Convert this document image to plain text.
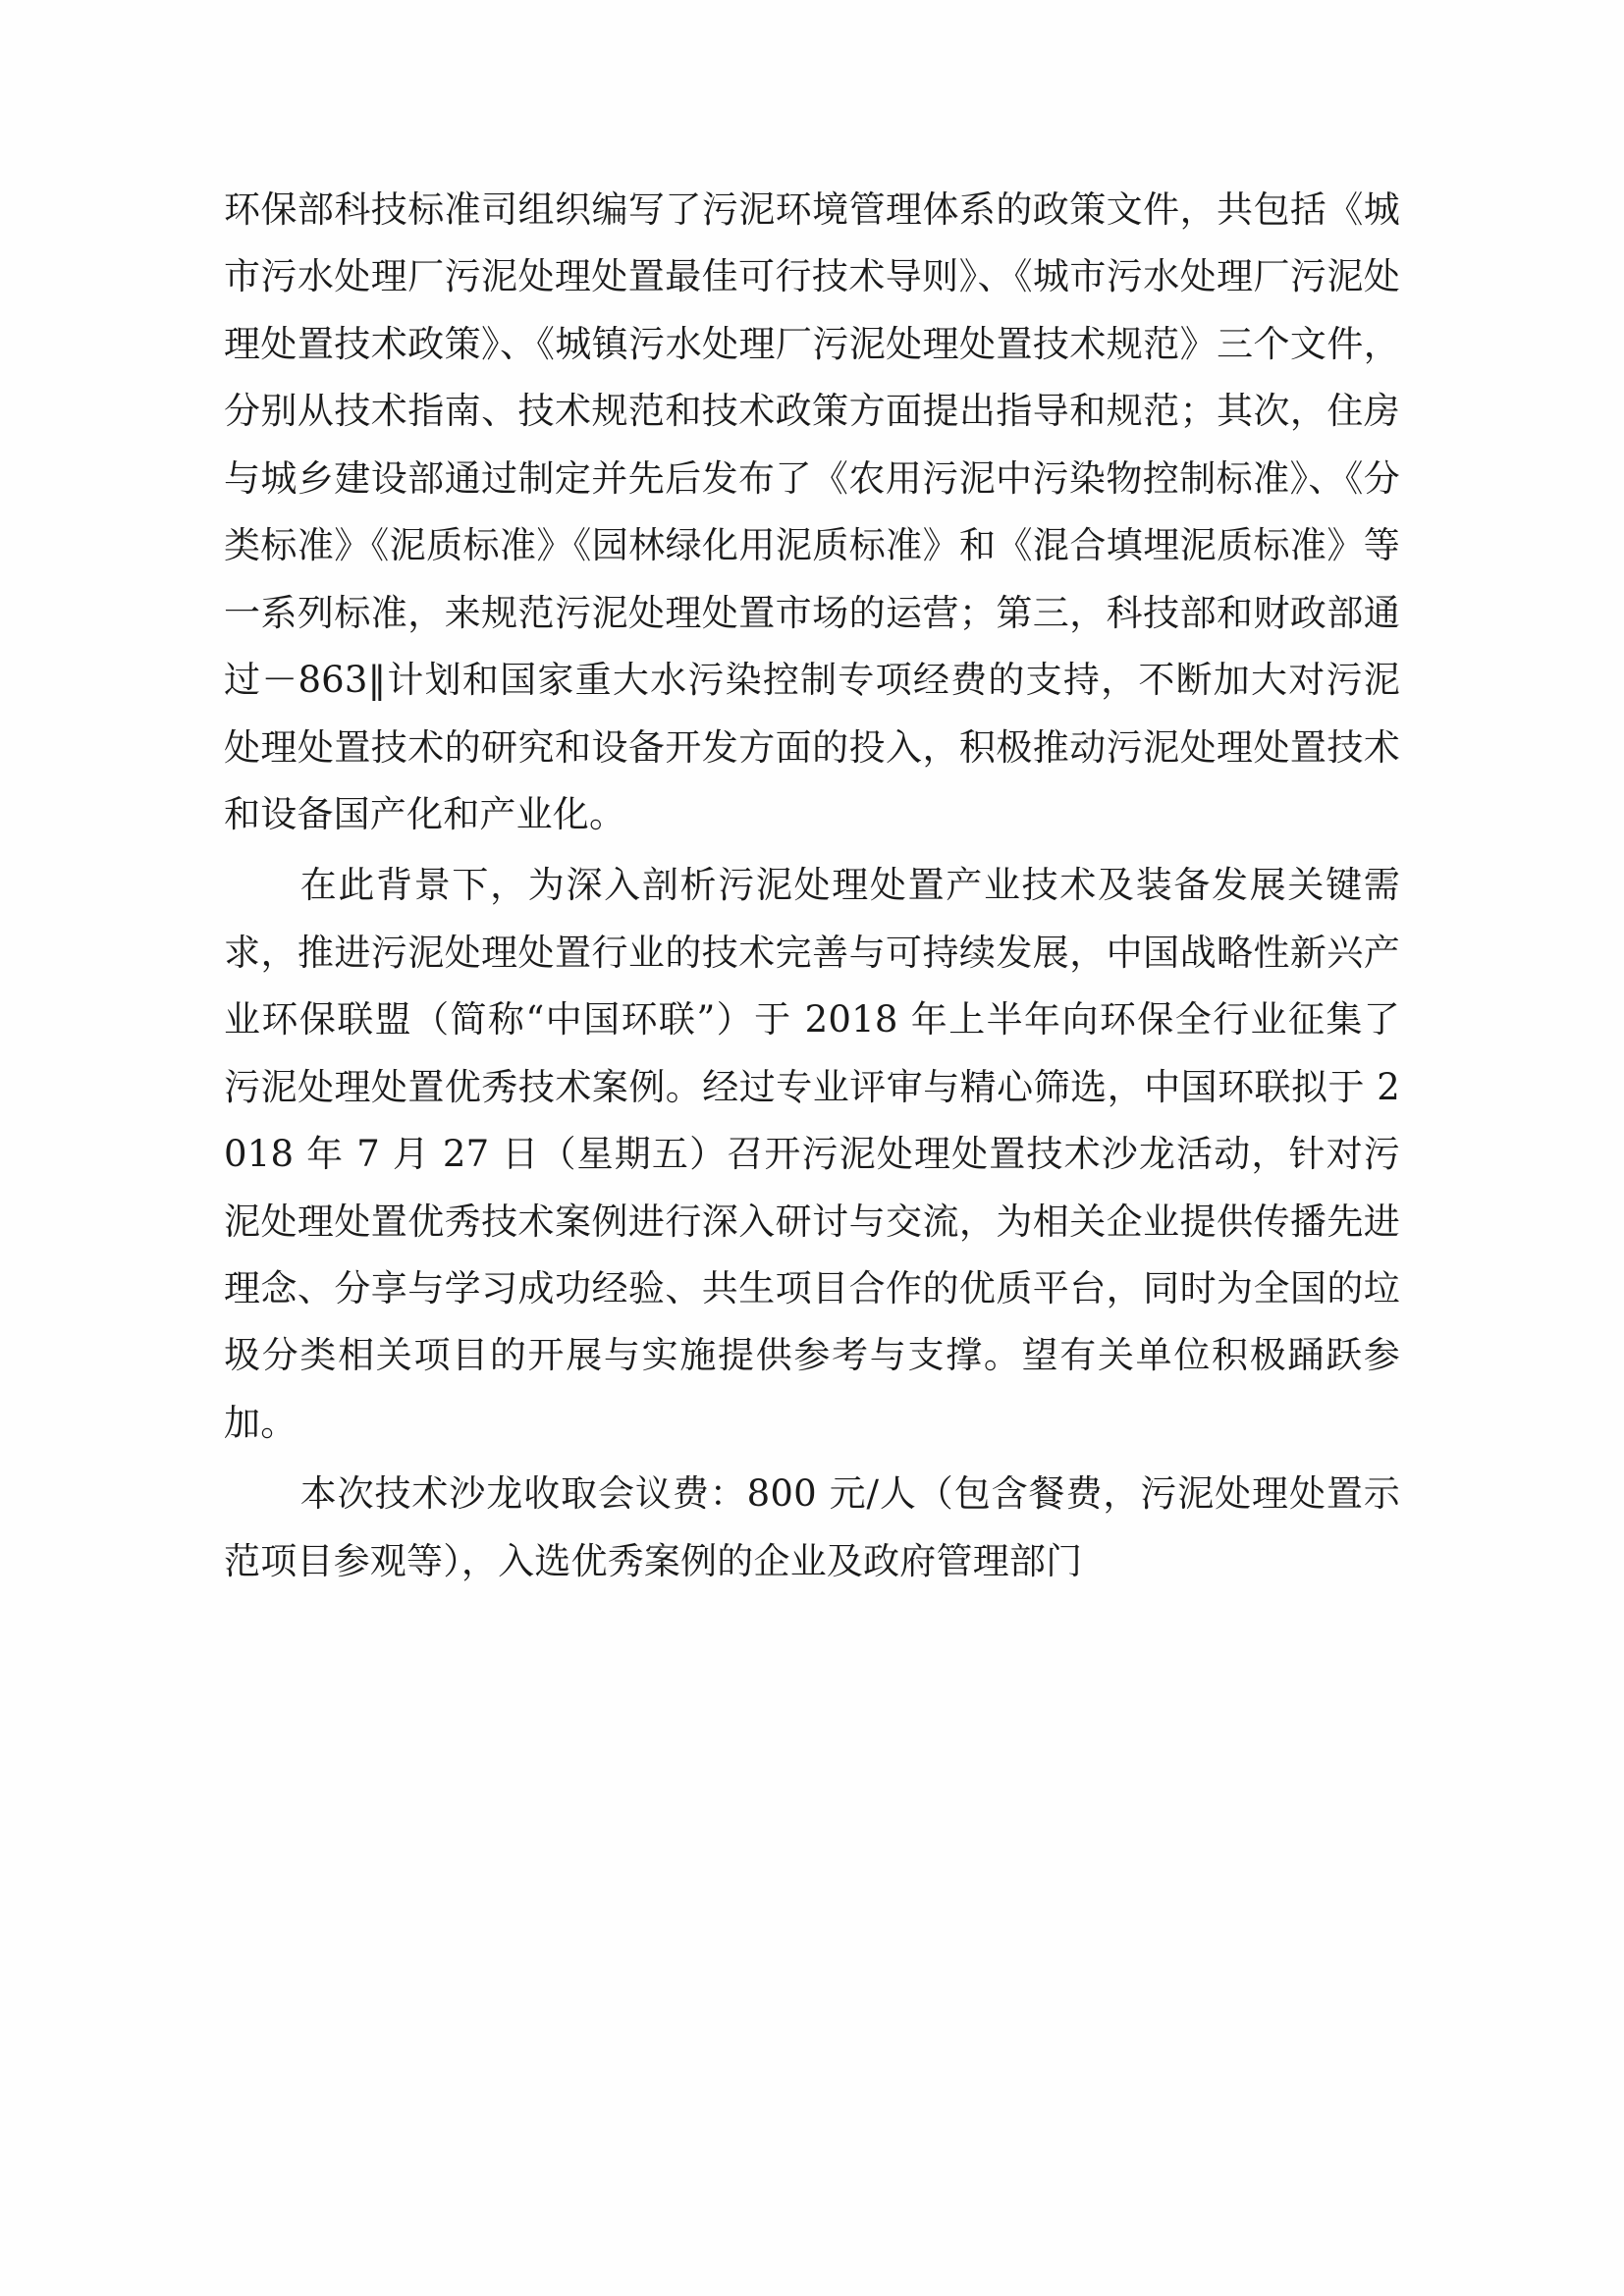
环保部科技标准司组织编写了污泥环境管理体系的政策文件，共包括《城市污水处理厂污泥处理处置最佳可行技术导则》、《城市污水处理厂污泥处理处置技术政策》、《城镇污水处理厂污泥处理处置技术规范》三个文件，分别从技术指南、技术规范和技术政策方面提出指导和规范；其次，住房与城乡建设部通过制定并先后发布了《农用污泥中污染物控制标准》、《分类标准》《泥质标准》《园林绿化用泥质标准》和《混合填埋泥质标准》等一系列标准，来规范污泥处理处置市场的运营；第三，科技部和财政部通过－863‖计划和国家重大水污染控制专项经费的支持，不断加大对污泥处理处置技术的研究和设备开发方面的投入，积极推动污泥处理处置技术和设备国产化和产业化。

在此背景下，为深入剖析污泥处理处置产业技术及装备发展关键需求，推进污泥处理处置行业的技术完善与可持续发展，中国战略性新兴产业环保联盟（简称“中国环联”）于 2018 年上半年向环保全行业征集了污泥处理处置优秀技术案例。经过专业评审与精心筛选，中国环联拟于 2018 年 7 月 27 日（星期五）召开污泥处理处置技术沙龙活动，针对污泥处理处置优秀技术案例进行深入研讨与交流，为相关企业提供传播先进理念、分享与学习成功经验、共生项目合作的优质平台，同时为全国的垃圾分类相关项目的开展与实施提供参考与支撑。望有关单位积极踊跃参加。

本次技术沙龙收取会议费：800 元/人（包含餐费，污泥处理处置示范项目参观等），入选优秀案例的企业及政府管理部门
